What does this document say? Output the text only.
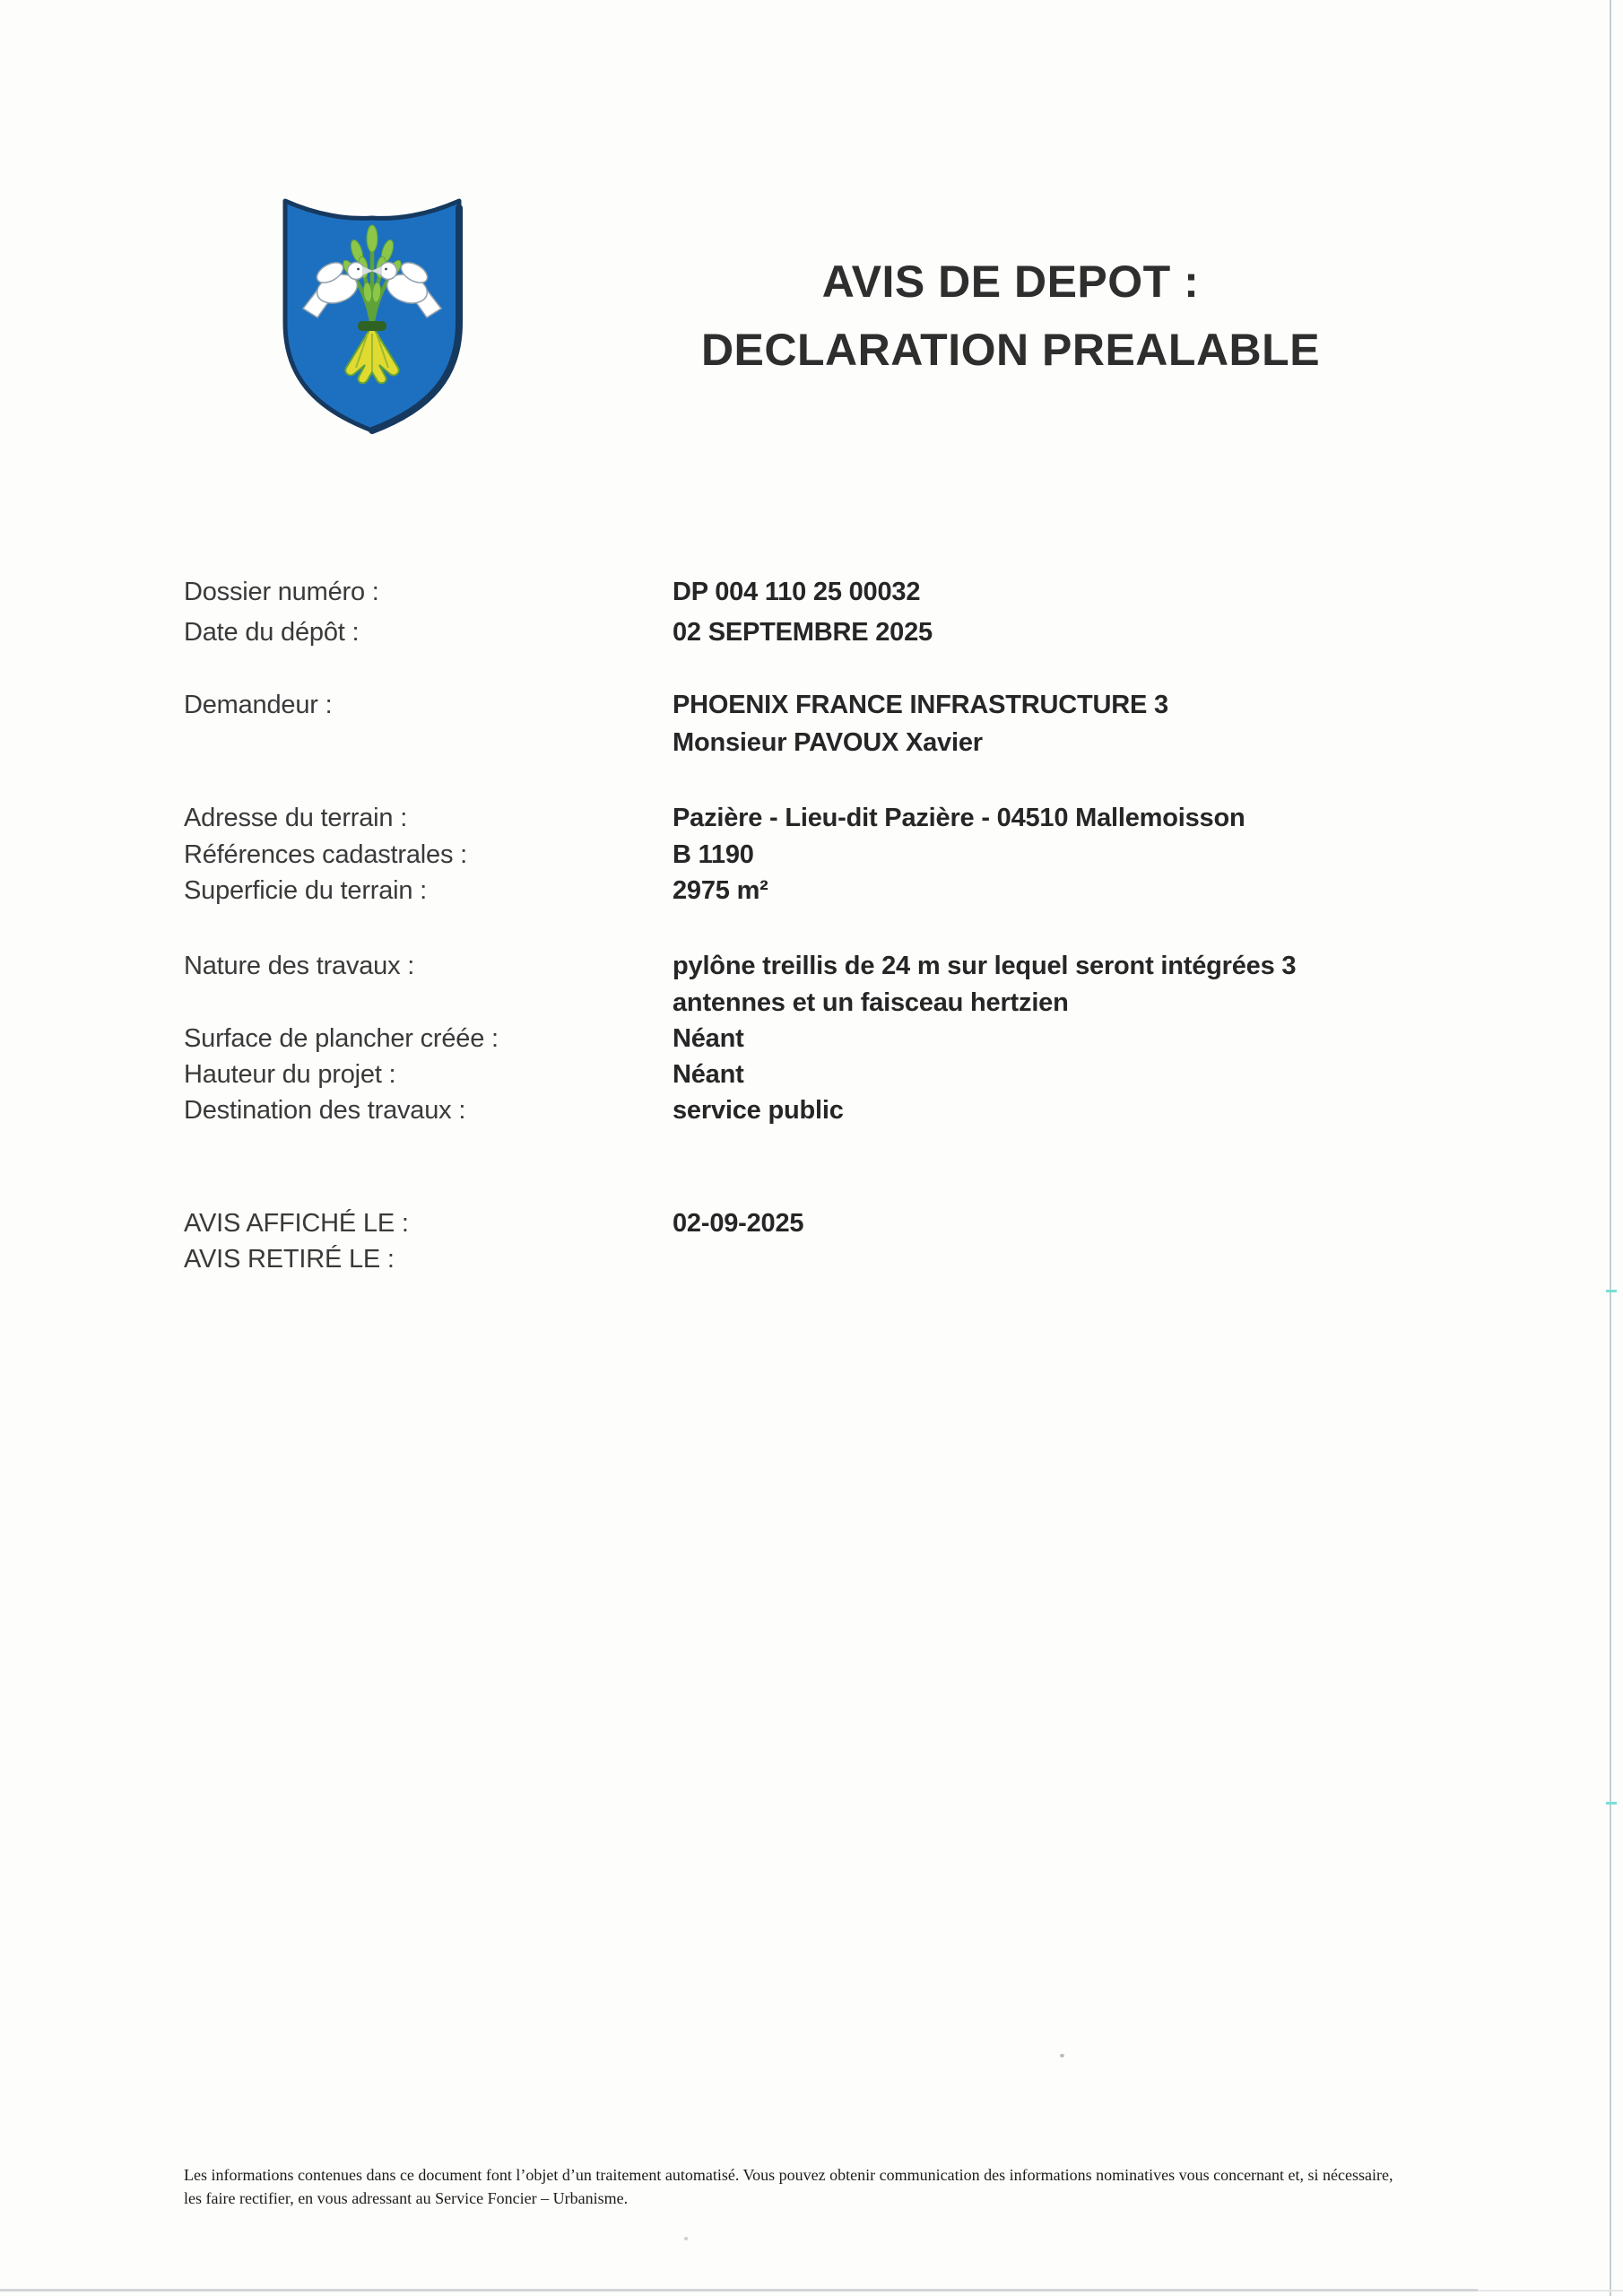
AVIS DE DEPOT :
DECLARATION PREALABLE
Dossier numéro :	DP 004 110 25 00032
Date du dépôt :	02 SEPTEMBRE 2025
Demandeur :	PHOENIX FRANCE INFRASTRUCTURE 3
Monsieur PAVOUX Xavier
Adresse du terrain :	Pazière - Lieu-dit Pazière - 04510 Mallemoisson
Références cadastrales :	B 1190
Superficie du terrain :	2975 m²
Nature des travaux :	pylône treillis de 24 m sur lequel seront intégrées 3
antennes et un faisceau hertzien
Surface de plancher créée :	Néant
Hauteur du projet :	Néant
Destination des travaux :	service public
AVIS AFFICHÉ LE :	02-09-2025
AVIS RETIRÉ LE :
Les informations contenues dans ce document font l’objet d’un traitement automatisé. Vous pouvez obtenir communication des informations nominatives vous concernant et, si nécessaire,
les faire rectifier, en vous adressant au Service Foncier – Urbanisme.
